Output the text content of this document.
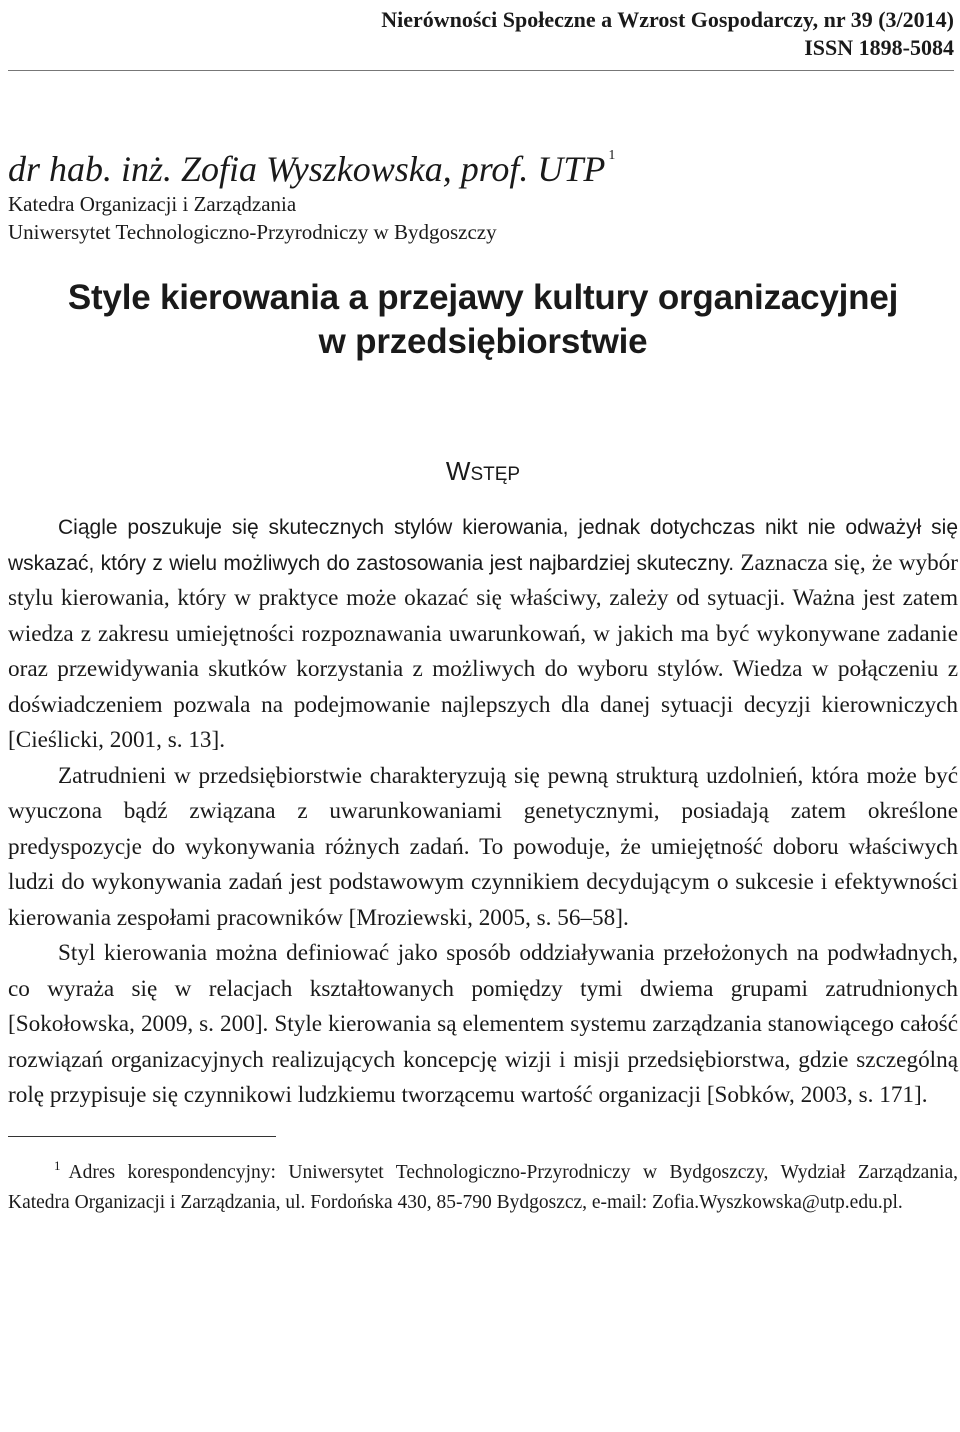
Nierówności Społeczne a Wzrost Gospodarczy, nr 39 (3/2014)
ISSN 1898-5084
dr hab. inż. Zofia Wyszkowska, prof. UTP $^1$
Katedra Organizacji i Zarządzania
Uniwersytet Technologiczno-Przyrodniczy w Bydgoszczy
Style kierowania a przejawy kultury organizacyjnej
w przedsiębiorstwie
WSTĘP

Ciągle poszukuje się skutecznych stylów kierowania, jednak dotychczas nikt nie odważył się wskazać, który z wielu możliwych do zastosowania jest najbardziej skuteczny. Zaznacza się, że wybór stylu kierowania, który w praktyce może okazać się właściwy, zależy od sytuacji. Ważna jest zatem wiedza z zakresu umiejętności rozpoznawania uwarunkowań, w jakich ma być wykonywane zadanie oraz przewidywania skutków korzystania z możliwych do wyboru stylów. Wiedza w połączeniu z doświadczeniem pozwala na podejmowanie najlepszych dla danej sytuacji decyzji kierowniczych [Cieślicki, 2001, s. 13].

Zatrudnieni w przedsiębiorstwie charakteryzują się pewną strukturą uzdolnień, która może być wyuczona bądź związana z uwarunkowaniami genetycznymi, posiadają zatem określone predyspozycje do wykonywania różnych zadań. To powoduje, że umiejętność doboru właściwych ludzi do wykonywania zadań jest podstawowym czynnikiem decydującym o sukcesie i efektywności kierowania zespołami pracowników [Mroziewski, 2005, s. 56–58].

Styl kierowania można definiować jako sposób oddziaływania przełożonych na podwładnych, co wyraża się w relacjach kształtowanych pomiędzy tymi dwiema grupami zatrudnionych [Sokołowska, 2009, s. 200]. Style kierowania są elementem systemu zarządzania stanowiącego całość rozwiązań organizacyjnych realizujących koncepcję wizji i misji przedsiębiorstwa, gdzie szczególną rolę przypisuje się czynnikowi ludzkiemu tworzącemu wartość organizacji [Sobków, 2003, s. 171].

$^1$ Adres korespondencyjny: Uniwersytet Technologiczno-Przyrodniczy w Bydgoszczy, Wydział Zarządzania, Katedra Organizacji i Zarządzania, ul. Fordońska 430, 85-790 Bydgoszcz, e-mail: Zofia.Wyszkowska@utp.edu.pl.
